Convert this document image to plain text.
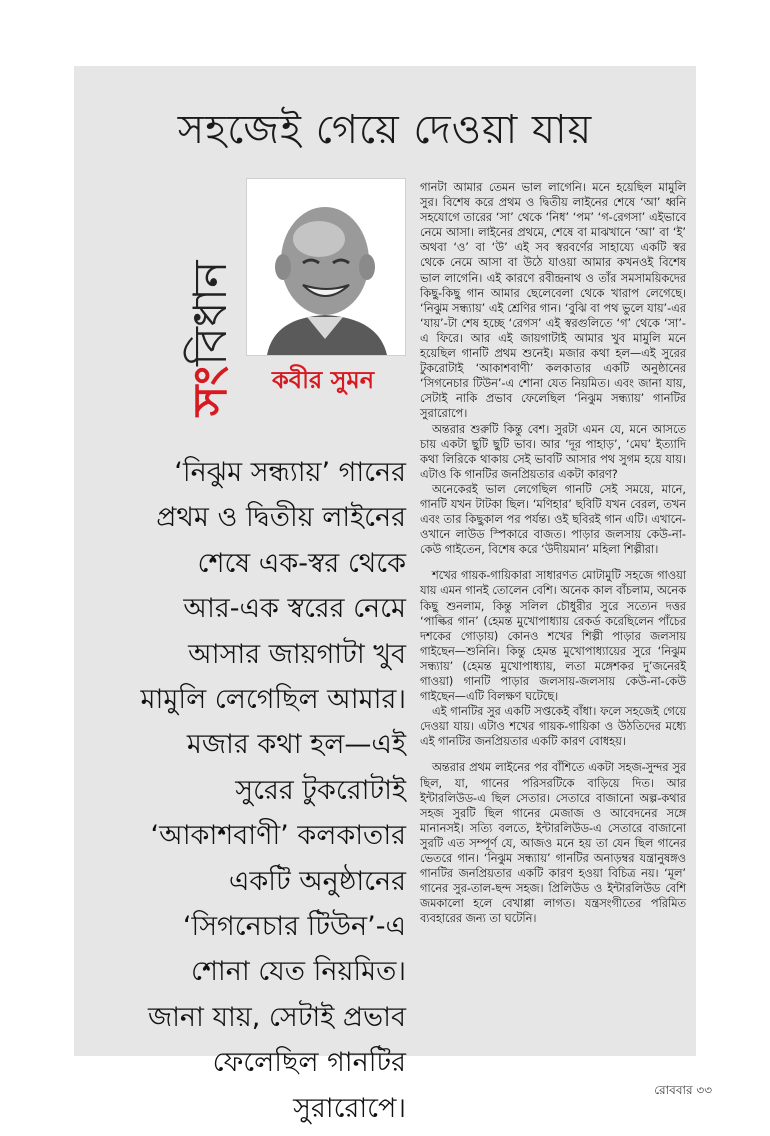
সহজেই গেয়ে দেওয়া যায়
সংবিধান
কবীর সুমন
‘নিঝুম সন্ধ্যায়’ গানের
প্রথম ও দ্বিতীয় লাইনের
শেষে এক-স্বর থেকে
আর-এক স্বরের নেমে
আসার জায়গাটা খুব
মামুলি লেগেছিল আমার।
মজার কথা হল—এই
সুরের টুকরোটাই
‘আকাশবাণী’ কলকাতার
একটি অনুষ্ঠানের
‘সিগনেচার টিউন’-এ
শোনা যেত নিয়মিত।
জানা যায়, সেটাই প্রভাব
ফেলেছিল গানটির
সুরারোপে।

গানটা আমার তেমন ভাল লাগেনি। মনে হয়েছিল মামুলি সুর। বিশেষ করে প্রথম ও দ্বিতীয় লাইনের শেষে ‘আ’ ধ্বনি সহযোগে তারের ‘সা’ থেকে ‘নিধ’ ‘পম’ ‘গ-রেগসা’ এইভাবে নেমে আসা। লাইনের প্রথমে, শেষে বা মাঝখানে ‘আ’ বা ‘ই’ অথবা ‘ও’ বা ‘উ’ এই সব স্বরবর্ণের সাহায্যে একটি স্বর থেকে নেমে আসা বা উঠে যাওয়া আমার কখনওই বিশেষ ভাল লাগেনি। এই কারণে রবীন্দ্রনাথ ও তাঁর সমসাময়িকদের কিছু-কিছু গান আমার ছেলেবেলা থেকে খারাপ লেগেছে। ‘নিঝুম সন্ধ্যায়’ এই শ্রেণির গান। ‘বুঝি বা পথ ভুলে যায়’-এর ‘যায়’-টা শেষ হচ্ছে ‘রেগস’ এই স্বরগুলিতে ‘গ’ থেকে ‘সা’-এ ফিরে। আর এই জায়গাটাই আমার খুব মামুলি মনে হয়েছিল গানটি প্রথম শুনেই। মজার কথা হল—এই সুরের টুকরোটাই ‘আকাশবাণী’ কলকাতার একটি অনুষ্ঠানের ‘সিগনেচার টিউন’-এ শোনা যেত নিয়মিত। এবং জানা যায়, সেটাই নাকি প্রভাব ফেলেছিল ‘নিঝুম সন্ধ্যায়’ গানটির সুরারোপে।

অন্তরার শুরুটি কিন্তু বেশ। সুরটা এমন যে, মনে আসতে চায় একটা ছুটি ছুটি ভাব। আর ‘দূর পাহাড়’, ‘মেঘ’ ইত্যাদি কথা লিরিকে থাকায় সেই ভাবটি আসার পথ সুগম হয়ে যায়। এটাও কি গানটির জনপ্রিয়তার একটা কারণ?

অনেকেরই ভাল লেগেছিল গানটি সেই সময়ে, মানে, গানটি যখন টাটকা ছিল। ‘মণিহার’ ছবিটি যখন বেরল, তখন এবং তার কিছুকাল পর পর্যন্ত। ওই ছবিরই গান এটি। এখানে-ওখানে লাউড স্পিকারে বাজত। পাড়ার জলসায় কেউ-না-কেউ গাইতেন, বিশেষ করে ‘উদীয়মান’ মহিলা শিল্পীরা।

শখের গায়ক-গায়িকারা সাধারণত মোটামুটি সহজে গাওয়া যায় এমন গানই তোলেন বেশি। অনেক কাল বাঁচলাম, অনেক কিছু শুনলাম, কিন্তু সলিল চৌধুরীর সুরে সত্যেন দত্তর ‘পাল্কির গান’ (হেমন্ত মুখোপাধ্যায় রেকর্ড করেছিলেন পাঁচের দশকের গোড়ায়) কোনও শখের শিল্পী পাড়ার জলসায় গাইছেন—শুনিনি। কিন্তু হেমন্ত মুখোপাধ্যায়ের সুরে ‘নিঝুম সন্ধ্যায়’ (হেমন্ত মুখোপাধ্যায়, লতা মঙ্গেশকর দু’জনেরই গাওয়া) গানটি পাড়ার জলসায়-জলসায় কেউ-না-কেউ গাইছেন—এটি বিলক্ষণ ঘটেছে।

এই গানটির সুর একটি সপ্তকেই বাঁধা। ফলে সহজেই গেয়ে দেওয়া যায়। এটাও শখের গায়ক-গায়িকা ও উঠতিদের মধ্যে এই গানটির জনপ্রিয়তার একটি কারণ বোধহয়।

অন্তরার প্রথম লাইনের পর বাঁশিতে একটা সহজ-সুন্দর সুর ছিল, যা, গানের পরিসরটিকে বাড়িয়ে দিত। আর ইন্টারলিউড-এ ছিল সেতার। সেতারে বাজানো অল্প-কথার সহজ সুরটি ছিল গানের মেজাজ ও আবেদনের সঙ্গে মানানসই। সত্যি বলতে, ইন্টারলিউড-এ সেতারে বাজানো সুরটি এত সম্পূর্ণ যে, আজও মনে হয় তা যেন ছিল গানের ভেতরে গান। ‘নিঝুম সন্ধ্যায়’ গানটির অনাড়ম্বর যন্ত্রানুষঙ্গও গানটির জনপ্রিয়তার একটি কারণ হওয়া বিচিত্র নয়। ‘মূল’ গানের সুর-তাল-ছন্দ সহজ। প্রিলিউড ও ইন্টারলিউড বেশি জমকালো হলে বেখাপ্পা লাগত। যন্ত্রসংগীতের পরিমিত ব্যবহারের জন্য তা ঘটেনি।

রোববার ৩৩
